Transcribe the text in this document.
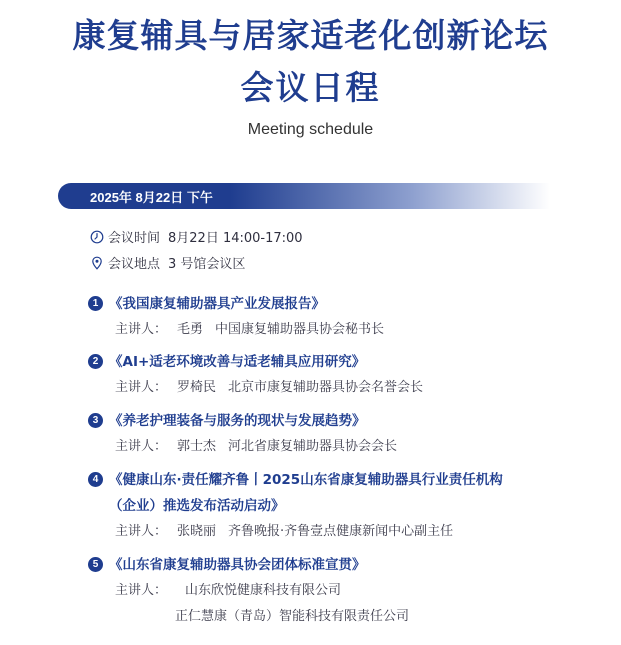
康复辅具与居家适老化创新论坛
会议日程
Meeting schedule
2025年 8月22日 下午
会议时间 8月22日 14:00-17:00
会议地点 3 号馆会议区
1 《我国康复辅助器具产业发展报告》
主讲人： 毛勇 中国康复辅助器具协会秘书长
2 《AI+适老环境改善与适老辅具应用研究》
主讲人： 罗椅民 北京市康复辅助器具协会名誉会长
3 《养老护理装备与服务的现状与发展趋势》
主讲人： 郭士杰 河北省康复辅助器具协会会长
4 《健康山东·责任耀齐鲁丨2025山东省康复辅助器具行业责任机构
（企业）推选发布活动启动》
主讲人： 张晓丽 齐鲁晚报·齐鲁壹点健康新闻中心副主任
5 《山东省康复辅助器具协会团体标准宣贯》
主讲人： 山东欣悦健康科技有限公司
正仁慧康（青岛）智能科技有限责任公司
